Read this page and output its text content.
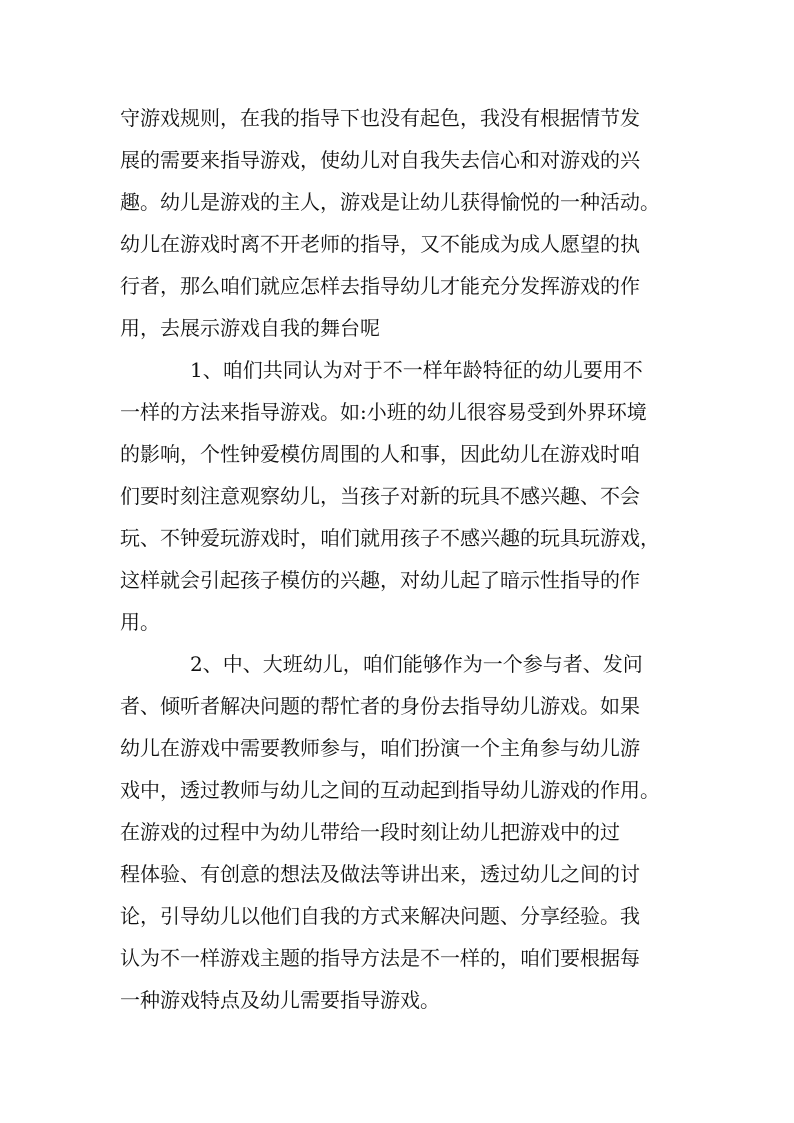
守游戏规则，在我的指导下也没有起色，我没有根据情节发
展的需要来指导游戏，使幼儿对自我失去信心和对游戏的兴
趣。幼儿是游戏的主人，游戏是让幼儿获得愉悦的一种活动。
幼儿在游戏时离不开老师的指导，又不能成为成人愿望的执
行者，那么咱们就应怎样去指导幼儿才能充分发挥游戏的作
用，去展示游戏自我的舞台呢
1、咱们共同认为对于不一样年龄特征的幼儿要用不
一样的方法来指导游戏。如:小班的幼儿很容易受到外界环境
的影响，个性钟爱模仿周围的人和事，因此幼儿在游戏时咱
们要时刻注意观察幼儿，当孩子对新的玩具不感兴趣、不会
玩、不钟爱玩游戏时，咱们就用孩子不感兴趣的玩具玩游戏，
这样就会引起孩子模仿的兴趣，对幼儿起了暗示性指导的作
用。
2、中、大班幼儿，咱们能够作为一个参与者、发问
者、倾听者解决问题的帮忙者的身份去指导幼儿游戏。如果
幼儿在游戏中需要教师参与，咱们扮演一个主角参与幼儿游
戏中，透过教师与幼儿之间的互动起到指导幼儿游戏的作用。
在游戏的过程中为幼儿带给一段时刻让幼儿把游戏中的过
程体验、有创意的想法及做法等讲出来，透过幼儿之间的讨
论，引导幼儿以他们自我的方式来解决问题、分享经验。我
认为不一样游戏主题的指导方法是不一样的，咱们要根据每
一种游戏特点及幼儿需要指导游戏。
